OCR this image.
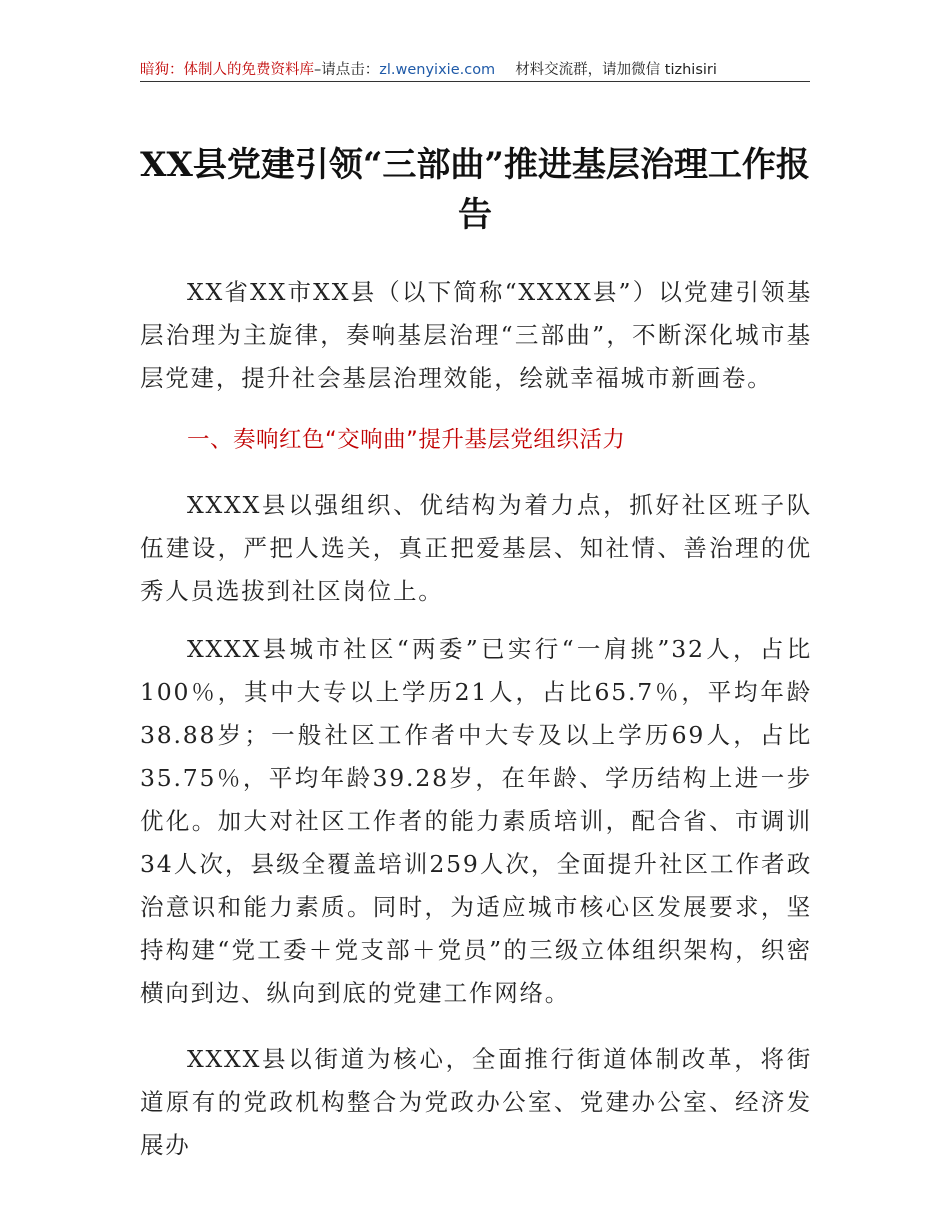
暗狗：体制人的免费资料库–请点击：zl.wenyixie.com 材料交流群，请加微信 tizhisiri
XX县党建引领“三部曲”推进基层治理工作报告

XX省XX市XX县（以下简称“XXXX县”）以党建引领基层治理为主旋律，奏响基层治理“三部曲”，不断深化城市基层党建，提升社会基层治理效能，绘就幸福城市新画卷。

一、奏响红色“交响曲”提升基层党组织活力

XXXX县以强组织、优结构为着力点，抓好社区班子队伍建设，严把人选关，真正把爱基层、知社情、善治理的优秀人员选拔到社区岗位上。

XXXX县城市社区“两委”已实行“一肩挑”32人，占比100％，其中大专以上学历21人，占比65.7％，平均年龄38.88岁；一般社区工作者中大专及以上学历69人，占比35.75％，平均年龄39.28岁，在年龄、学历结构上进一步优化。加大对社区工作者的能力素质培训，配合省、市调训34人次，县级全覆盖培训259人次，全面提升社区工作者政治意识和能力素质。同时，为适应城市核心区发展要求，坚持构建“党工委＋党支部＋党员”的三级立体组织架构，织密横向到边、纵向到底的党建工作网络。

XXXX县以街道为核心，全面推行街道体制改革，将街道原有的党政机构整合为党政办公室、党建办公室、经济发展办
